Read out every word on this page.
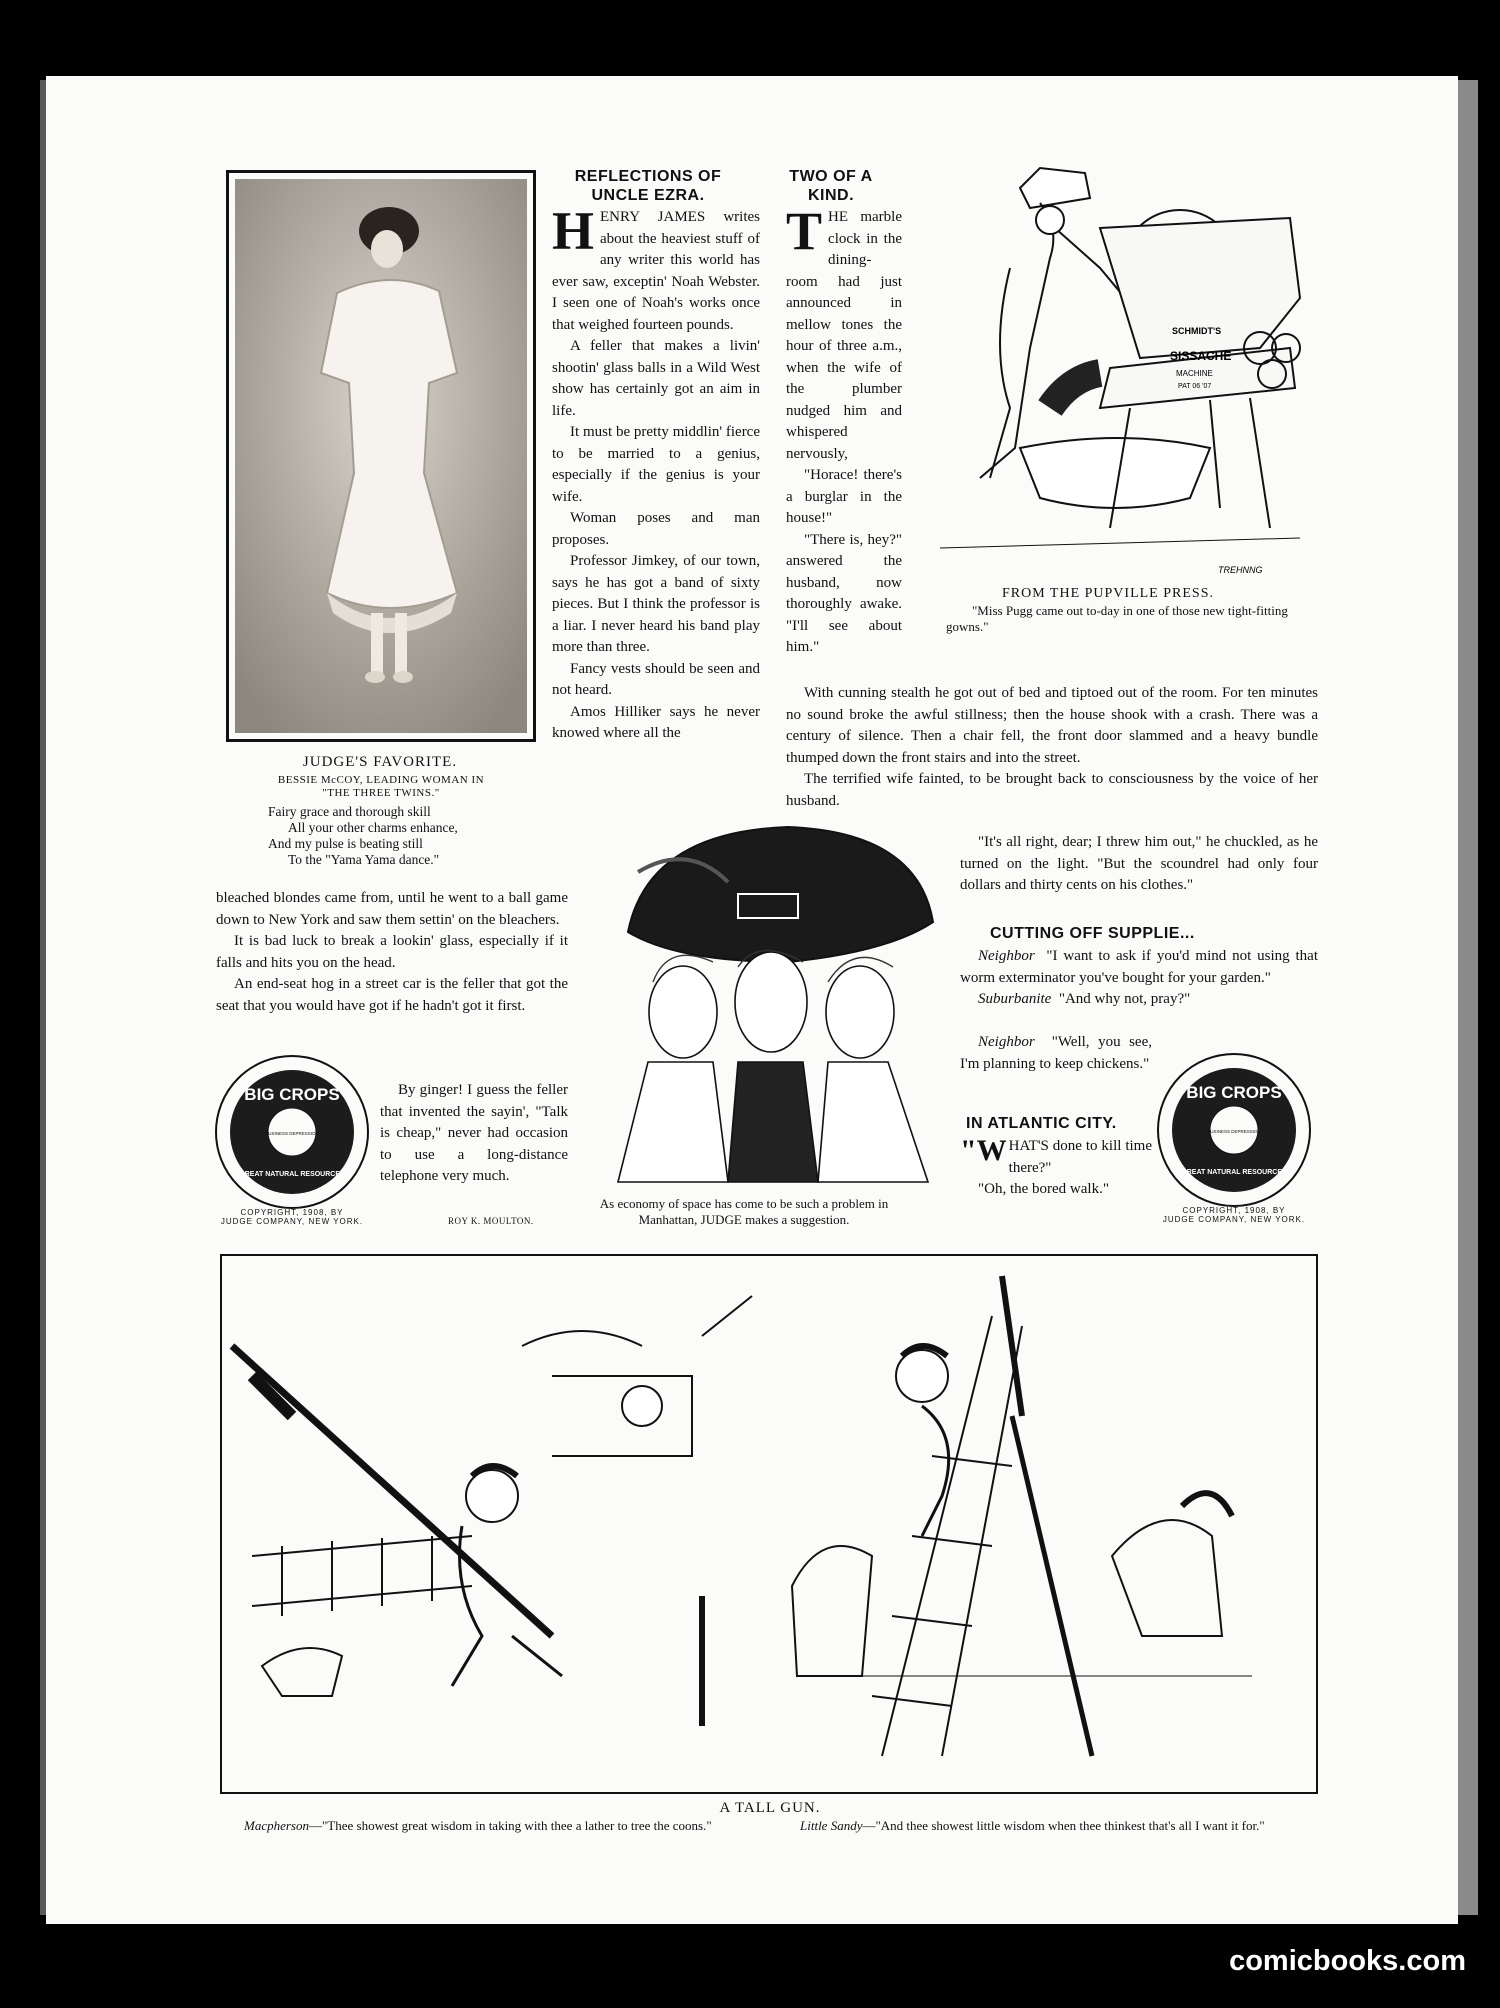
JUDGE'S FAVORITE.
BESSIE McCOY, LEADING WOMAN IN
"THE THREE TWINS."
Fairy grace and thorough skill
All your other charms enhance,
And my pulse is beating still
To the "Yama Yama dance."
REFLECTIONS OF
UNCLE EZRA.

HENRY JAMES writes about the heaviest stuff of any writer this world has ever saw, exceptin' Noah Webster. I seen one of Noah's works once that weighed fourteen pounds.

A feller that makes a livin' shootin' glass balls in a Wild West show has certainly got an aim in life.

It must be pretty middlin' fierce to be married to a genius, especially if the genius is your wife.

Woman poses and man proposes.

Professor Jimkey, of our town, says he has got a band of sixty pieces. But I think the professor is a liar. I never heard his band play more than three.

Fancy vests should be seen and not heard.

Amos Hilliker says he never knowed where all the

TWO OF A
KIND.

THE marble clock in the dining-room had just announced in mellow tones the hour of three a.m., when the wife of the plumber nudged him and whispered nervously,

"Horace! there's a burglar in the house!"

"There is, hey?" answered the husband, now thoroughly awake. "I'll see about him."

With cunning stealth he got out of bed and tiptoed out of the room. For ten minutes no sound broke the awful stillness; then the house shook with a crash. There was a century of silence. Then a chair fell, the front door slammed and a heavy bundle thumped down the front stairs and into the street.

The terrified wife fainted, to be brought back to consciousness by the voice of her husband.

"It's all right, dear; I threw him out," he chuckled, as he turned on the light. "But the scoundrel had only four dollars and thirty cents on his clothes."

SCHMIDT'S
SISSACHE
MACHINE
PAT 06 '07
TREHNNG
FROM THE PUPVILLE PRESS.
"Miss Pugg came out to-day in one of those new tight-fitting gowns."

bleached blondes came from, until he went to a ball game down to New York and saw them settin' on the bleachers.

It is bad luck to break a lookin' glass, especially if it falls and hits you on the head.

An end-seat hog in a street car is the feller that got the seat that you would have got if he hadn't got it first.

By ginger! I guess the feller that invented the sayin', "Talk is cheap," never had occasion to use a long-distance telephone very much.

ROY K. MOULTON.
BIG CROPS
GREAT NATURAL RESOURCES
BUSINESS DEPRESSION
COPYRIGHT, 1908, BY
JUDGE COMPANY, NEW YORK.
As economy of space has come to be such a problem in Manhattan, JUDGE makes a suggestion.
CUTTING OFF SUPPLIE...

Neighbor "I want to ask if you'd mind not using that worm exterminator you've bought for your garden."

Suburbanite "And why not, pray?"

Neighbor "Well, you see, I'm planning to keep chickens."

IN ATLANTIC CITY.

"W HAT'S done to kill time there?"

"Oh, the bored walk."

BIG CROPS
GREAT NATURAL RESOURCES
BUSINESS DEPRESSION
COPYRIGHT, 1908, BY
JUDGE COMPANY, NEW YORK.
A TALL GUN.
Macpherson—"Thee showest great wisdom in taking with thee a lather to tree the coons."	Little Sandy—"And thee showest little wisdom when thee thinkest that's all I want it for."
comicbooks.com
